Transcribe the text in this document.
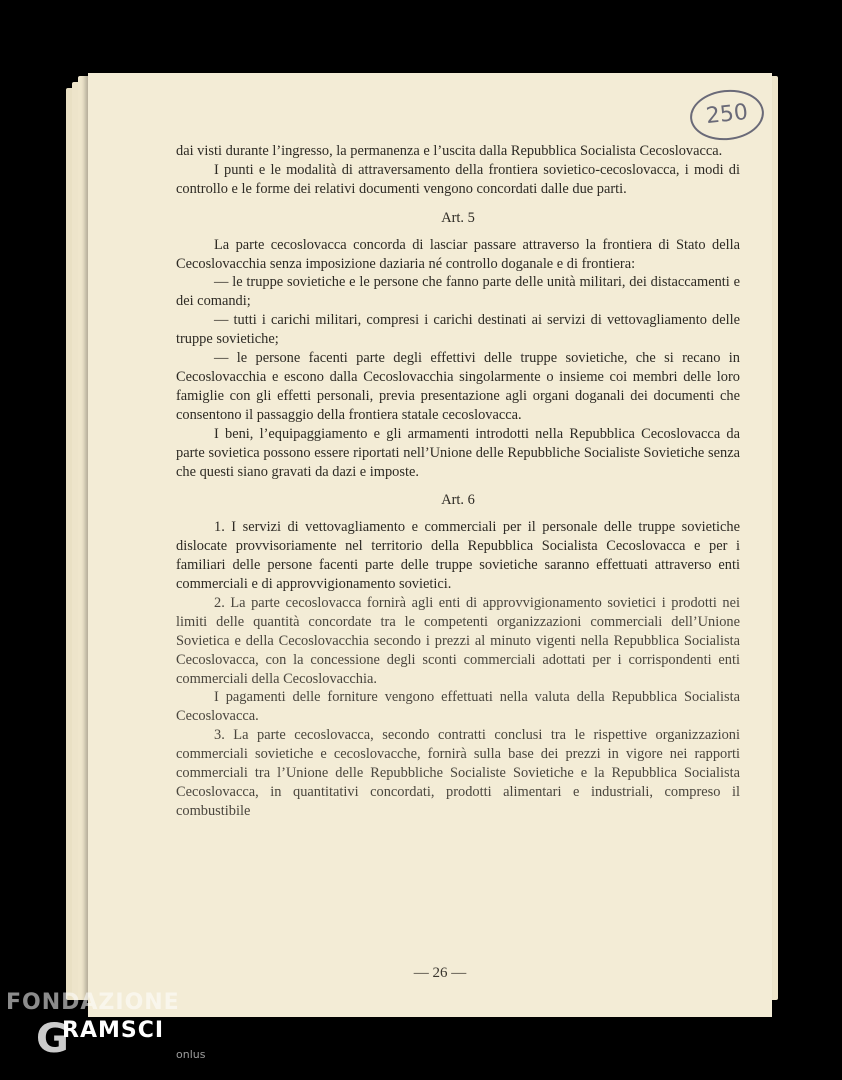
250

dai visti durante l’ingresso, la permanenza e l’uscita dalla Repubblica Socialista Cecoslovacca.

I punti e le modalità di attraversamento della frontiera sovietico-cecoslovacca, i modi di controllo e le forme dei relativi documenti vengono concordati dalle due parti.

Art. 5

La parte cecoslovacca concorda di lasciar passare attraverso la frontiera di Stato della Cecoslovacchia senza imposizione daziaria né controllo doganale e di frontiera:

— le truppe sovietiche e le persone che fanno parte delle unità militari, dei distaccamenti e dei comandi;

— tutti i carichi militari, compresi i carichi destinati ai servizi di vettovagliamento delle truppe sovietiche;

— le persone facenti parte degli effettivi delle truppe sovietiche, che si recano in Cecoslovacchia e escono dalla Cecoslovacchia singolarmente o insieme coi membri delle loro famiglie con gli effetti personali, previa presentazione agli organi doganali dei documenti che consentono il passaggio della frontiera statale cecoslovacca.

I beni, l’equipaggiamento e gli armamenti introdotti nella Repubblica Cecoslovacca da parte sovietica possono essere riportati nell’Unione delle Repubbliche Socialiste Sovietiche senza che questi siano gravati da dazi e imposte.

Art. 6

1. I servizi di vettovagliamento e commerciali per il personale delle truppe sovietiche dislocate provvisoriamente nel territorio della Repubblica Socialista Cecoslovacca e per i familiari delle persone facenti parte delle truppe sovietiche saranno effettuati attraverso enti commerciali e di approvvigionamento sovietici.

2. La parte cecoslovacca fornirà agli enti di approvvigionamento sovietici i prodotti nei limiti delle quantità concordate tra le competenti organizzazioni commerciali dell’Unione Sovietica e della Cecoslovacchia secondo i prezzi al minuto vigenti nella Repubblica Socialista Cecoslovacca, con la concessione degli sconti commerciali adottati per i corrispondenti enti commerciali della Cecoslovacchia.

I pagamenti delle forniture vengono effettuati nella valuta della Repubblica Socialista Cecoslovacca.

3. La parte cecoslovacca, secondo contratti conclusi tra le rispettive organizzazioni commerciali sovietiche e cecoslovacche, fornirà sulla base dei prezzi in vigore nei rapporti commerciali tra l’Unione delle Repubbliche Socialiste Sovietiche e la Repubblica Socialista Cecoslovacca, in quantitativi concordati, prodotti alimentari e industriali, compreso il combustibile

— 26 —
FONDAZIONE
G
RAMSCI
onlus
